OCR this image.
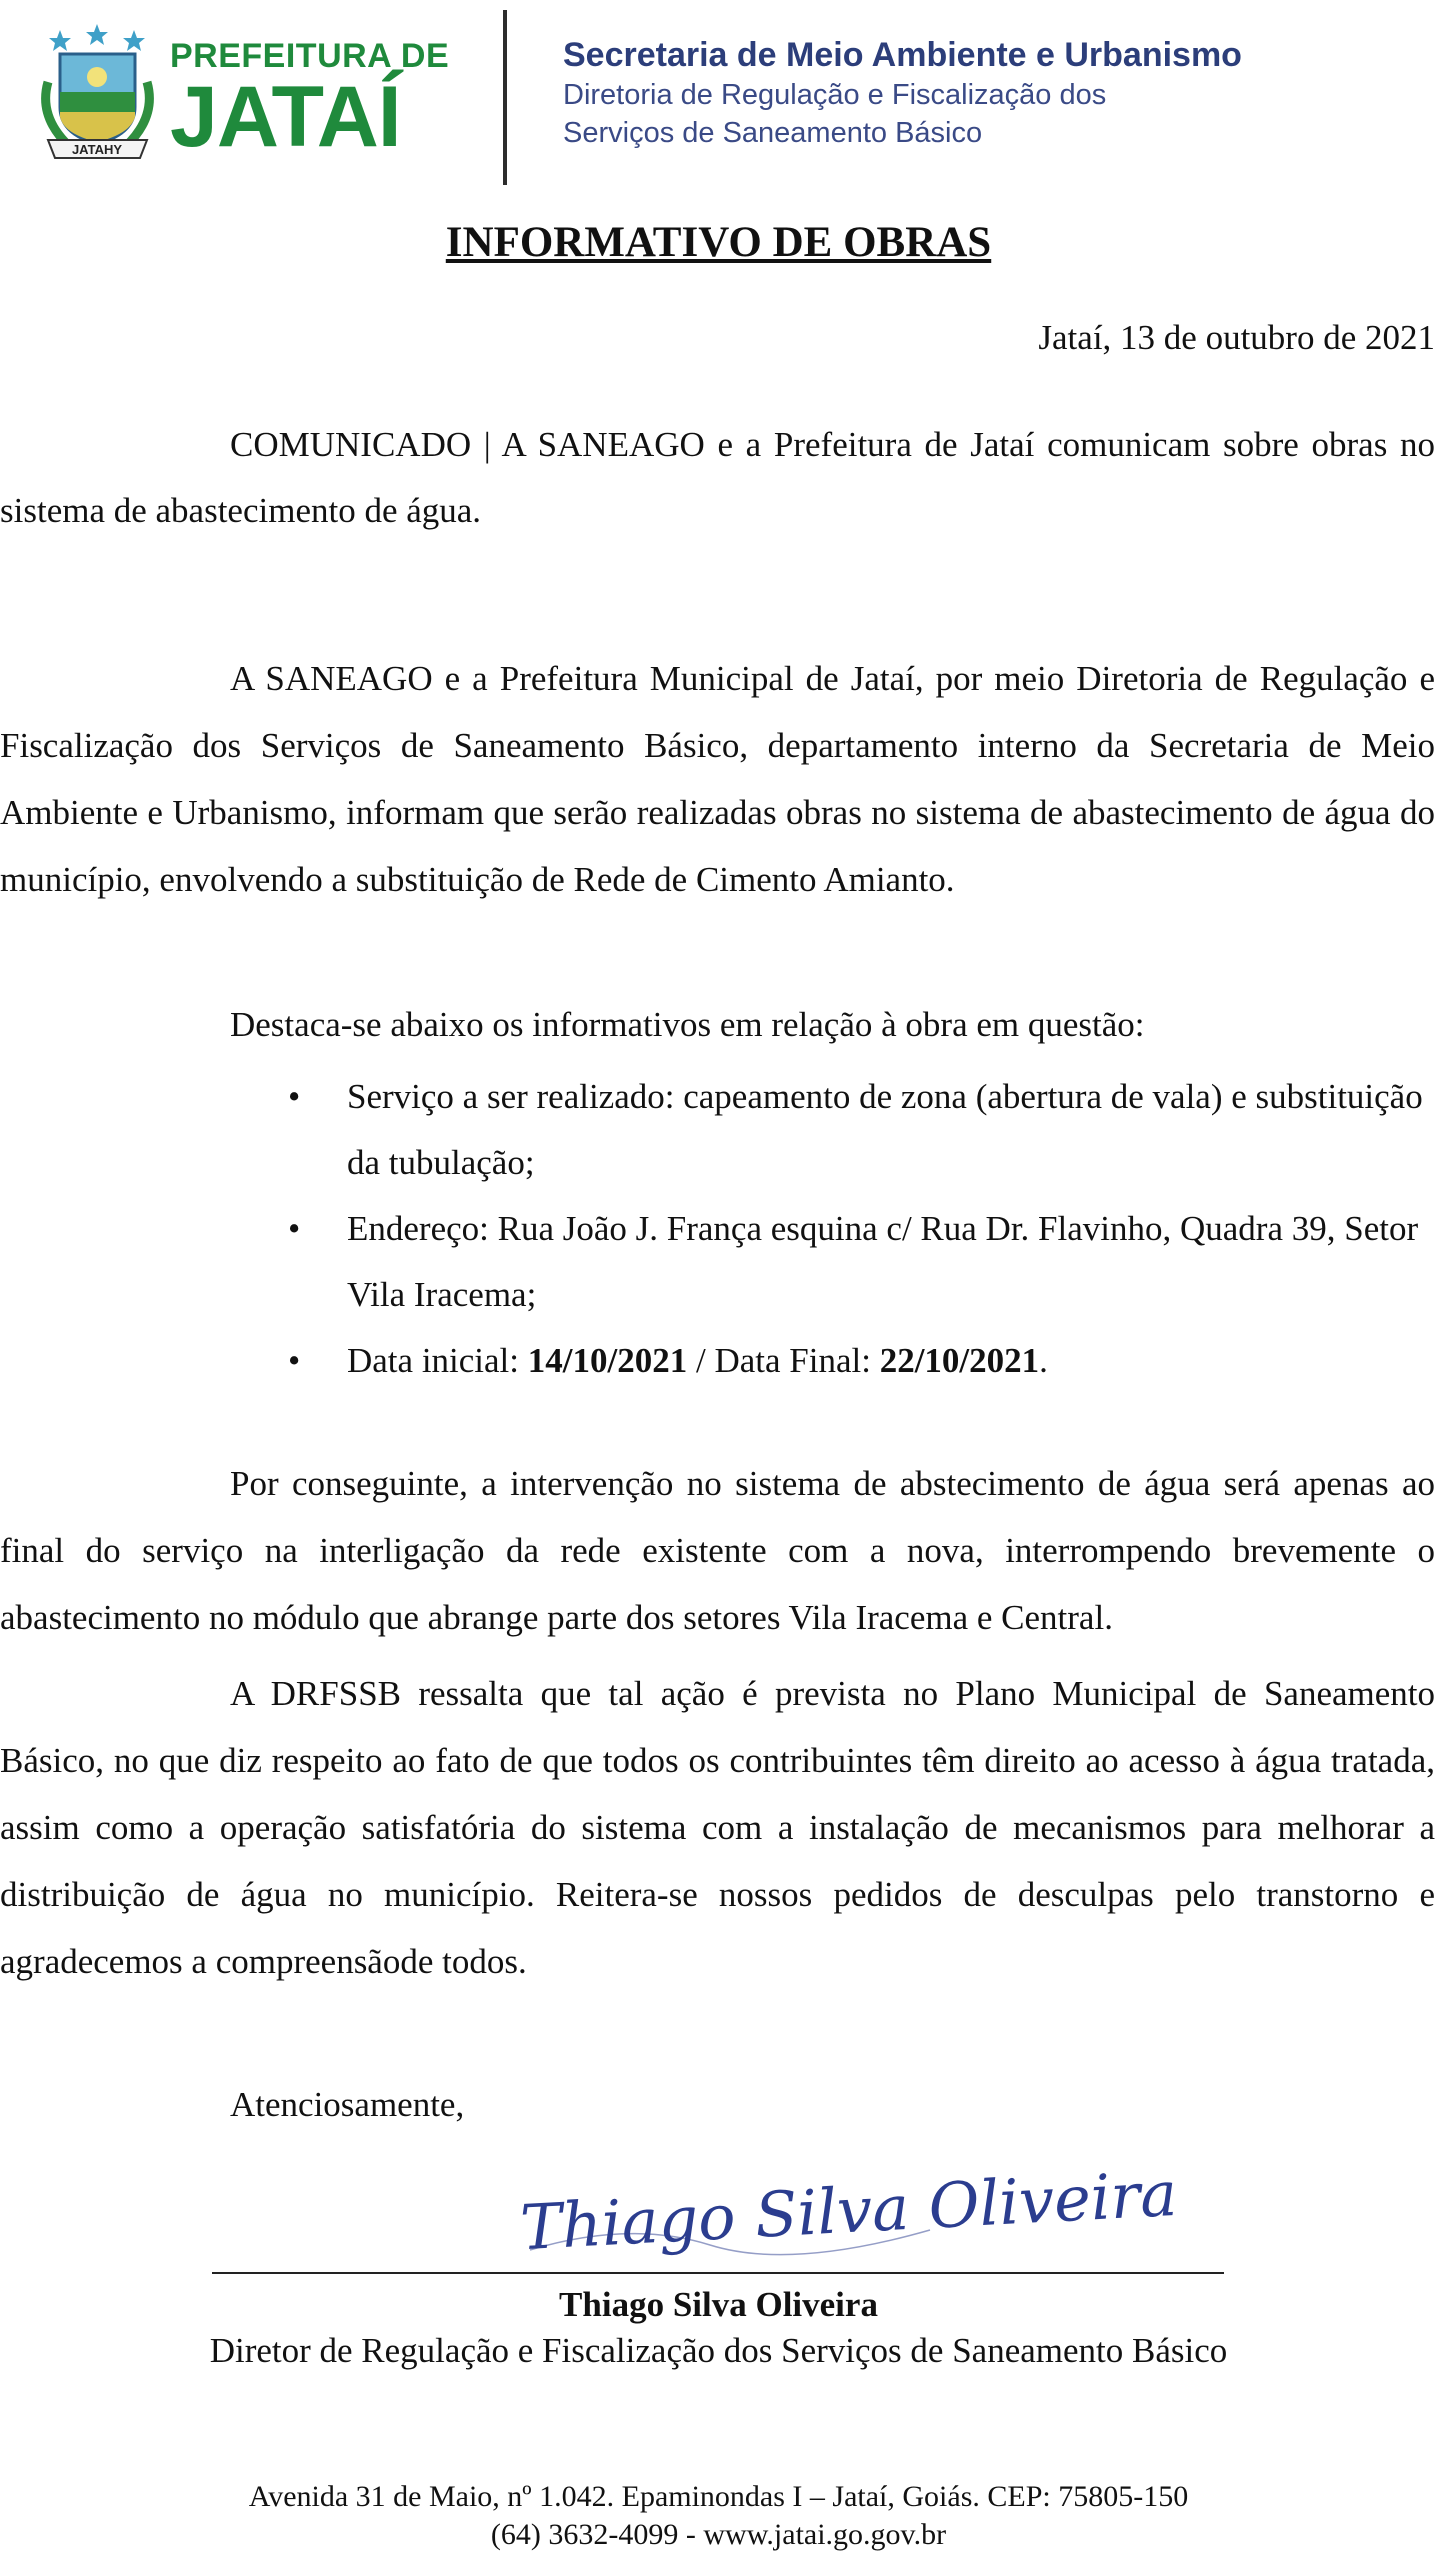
JATAHY
PREFEITURA DE
JATAÍ
Secretaria de Meio Ambiente e Urbanismo
Diretoria de Regulação e Fiscalização dos
Serviços de Saneamento Básico
INFORMATIVO DE OBRAS
Jataí, 13 de outubro de 2021

COMUNICADO | A SANEAGO e a Prefeitura de Jataí comunicam sobre obras no sistema de abastecimento de água.

A SANEAGO e a Prefeitura Municipal de Jataí, por meio Diretoria de Regulação e Fiscalização dos Serviços de Saneamento Básico, departamento interno da Secretaria de Meio Ambiente e Urbanismo, informam que serão realizadas obras no sistema de abastecimento de água do município, envolvendo a substituição de Rede de Cimento Amianto.

Destaca-se abaixo os informativos em relação à obra em questão:
• Serviço a ser realizado: capeamento de zona (abertura de vala) e substituição da tubulação;
• Endereço: Rua João J. França esquina c/ Rua Dr. Flavinho, Quadra 39, Setor Vila Iracema;
• Data inicial: 14/10/2021 / Data Final: 22/10/2021.

Por conseguinte, a intervenção no sistema de abstecimento de água será apenas ao final do serviço na interligação da rede existente com a nova, interrompendo brevemente o abastecimento no módulo que abrange parte dos setores Vila Iracema e Central.

A DRFSSB ressalta que tal ação é prevista no Plano Municipal de Saneamento Básico, no que diz respeito ao fato de que todos os contribuintes têm direito ao acesso à água tratada, assim como a operação satisfatória do sistema com a instalação de mecanismos para melhorar a distribuição de água no município. Reitera-se nossos pedidos de desculpas pelo transtorno e agradecemos a compreensãode todos.

Atenciosamente,
Thiago Silva Oliveira
Thiago Silva Oliveira
Diretor de Regulação e Fiscalização dos Serviços de Saneamento Básico
Avenida 31 de Maio, nº 1.042. Epaminondas I – Jataí, Goiás. CEP: 75805-150
(64) 3632-4099 - www.jatai.go.gov.br
